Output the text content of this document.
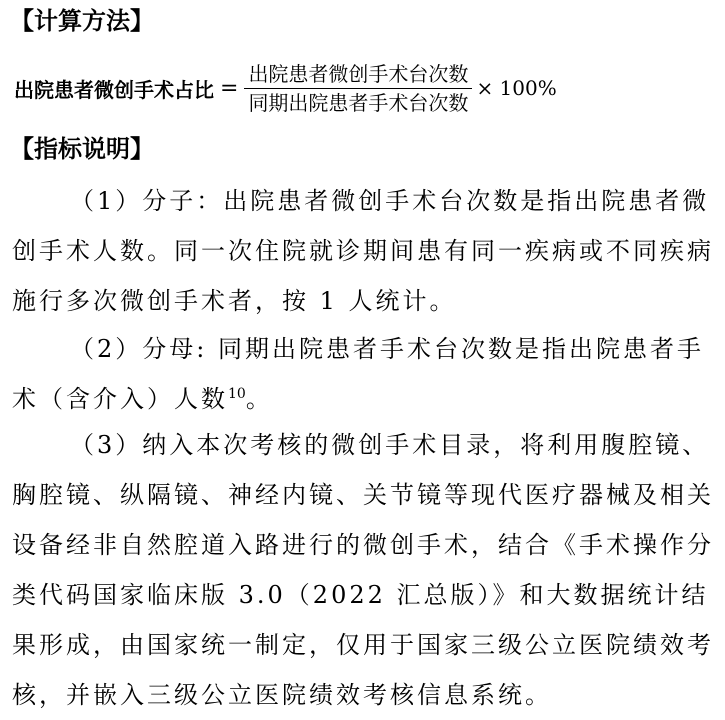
【计算方法】
出院患者微创手术占比 = $\frac{\text{出院患者微创手术台次数}}{\text{同期出院患者手术台次数}} \times 100\%$
【指标说明】

（1）分子：出院患者微创手术台次数是指出院患者微创手术人数。同一次住院就诊期间患有同一疾病或不同疾病施行多次微创手术者，按 1 人统计。

（2）分母: 同期出院患者手术台次数是指出院患者手术（含介入）人数$^{10}$。

（3）纳入本次考核的微创手术目录，将利用腹腔镜、胸腔镜、纵隔镜、神经内镜、关节镜等现代医疗器械及相关设备经非自然腔道入路进行的微创手术，结合《手术操作分类代码国家临床版 3.0（2022 汇总版）》和大数据统计结果形成，由国家统一制定，仅用于国家三级公立医院绩效考核，并嵌入三级公立医院绩效考核信息系统。
